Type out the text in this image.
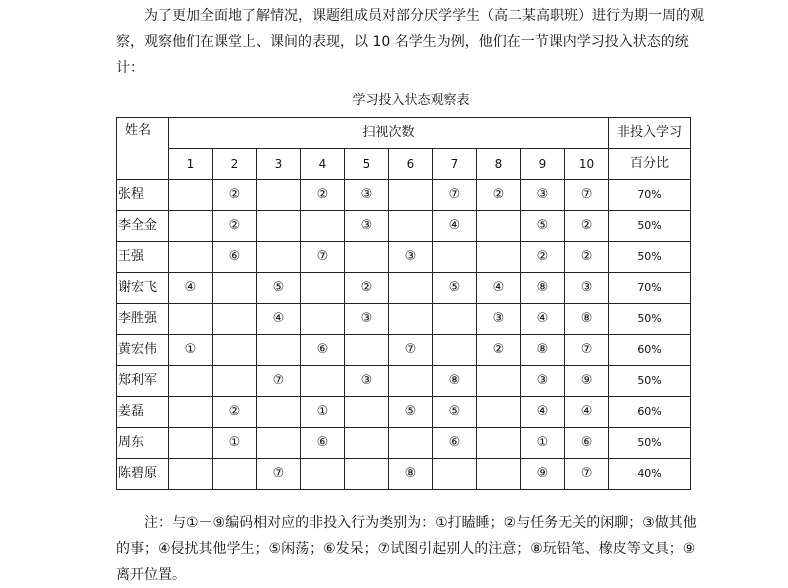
为了更加全面地了解情况，课题组成员对部分厌学学生（高二某高职班）进行为期一周的观察，观察他们在课堂上、课间的表现，以 10 名学生为例，他们在一节课内学习投入状态的统计：

学习投入状态观察表
姓名	扫视次数										非投入学习
	1	2	3	4	5	6	7	8	9	10	百分比
张程		②		②	③		⑦	②	③	⑦	70%
李全金		②			③		④		⑤	②	50%
王强		⑥		⑦		③			②	②	50%
谢宏飞	④		⑤		②		⑤	④	⑧	③	70%
李胜强			④		③			③	④	⑧	50%
黄宏伟	①			⑥		⑦		②	⑧	⑦	60%
郑利军			⑦		③		⑧		③	⑨	50%
姜磊		②		①		⑤	⑤		④	④	60%
周东		①		⑥			⑥		①	⑥	50%
陈碧原			⑦			⑧			⑨	⑦	40%

注：与①－⑨编码相对应的非投入行为类别为：①打瞌睡；②与任务无关的闲聊；③做其他的事；④侵扰其他学生；⑤闲荡；⑥发呆；⑦试图引起别人的注意；⑧玩铅笔、橡皮等文具；⑨离开位置。
